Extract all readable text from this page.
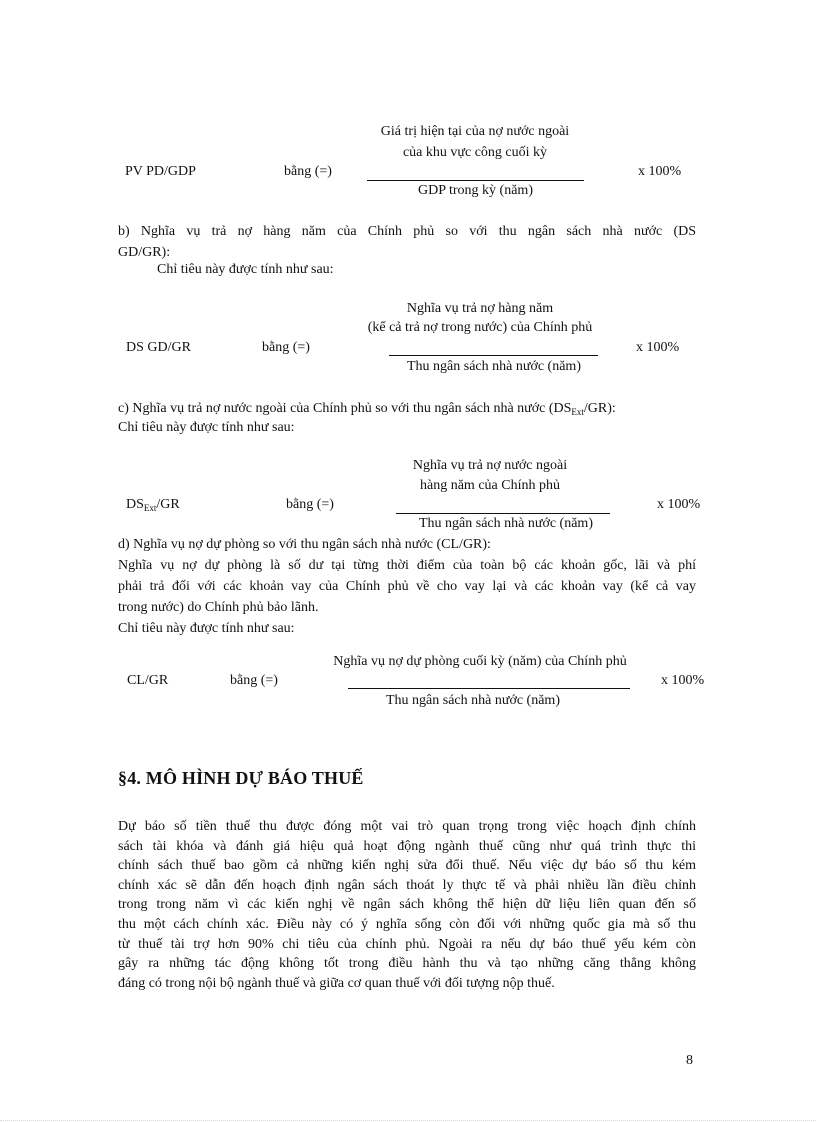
Giá trị hiện tại của nợ nước ngoài
của khu vực công cuối kỳ
PV PD/GDP	bằng (=)
GDP trong kỳ (năm)
x 100%
b) Nghĩa vụ trả nợ hàng năm của Chính phủ so với thu ngân sách nhà nước (DS
GD/GR):
Chỉ tiêu này được tính như sau:
Nghĩa vụ trả nợ hàng năm
(kể cả trả nợ trong nước) của Chính phủ
DS GD/GR	bằng (=)
Thu ngân sách nhà nước (năm)
x 100%
c) Nghĩa vụ trả nợ nước ngoài của Chính phủ so với thu ngân sách nhà nước $(DS_{Ext}/GR)$:
Chỉ tiêu này được tính như sau:
Nghĩa vụ trả nợ nước ngoài
hàng năm của Chính phủ
$DS_{Ext}/GR$	bằng (=)
Thu ngân sách nhà nước (năm)
x 100%
d) Nghĩa vụ nợ dự phòng so với thu ngân sách nhà nước (CL/GR):
Nghĩa vụ nợ dự phòng là số dư tại từng thời điểm của toàn bộ các khoản gốc, lãi và phí
phải trả đối với các khoản vay của Chính phủ về cho vay lại và các khoản vay (kể cả vay
trong nước) do Chính phủ bảo lãnh.
Chỉ tiêu này được tính như sau:
Nghĩa vụ nợ dự phòng cuối kỳ (năm) của Chính phủ
CL/GR	bằng (=)
Thu ngân sách nhà nước (năm)
x 100%
§4. MÔ HÌNH DỰ BÁO THUẾ
Dự báo số tiền thuế thu được đóng một vai trò quan trọng trong việc hoạch định chính
sách tài khóa và đánh giá hiệu quả hoạt động ngành thuế cũng như quá trình thực thi
chính sách thuế bao gồm cả những kiến nghị sửa đổi thuế. Nếu việc dự báo số thu kém
chính xác sẽ dẫn đến hoạch định ngân sách thoát ly thực tế và phải nhiều lần điều chỉnh
trong trong năm vì các kiến nghị về ngân sách không thể hiện dữ liệu liên quan đến số
thu một cách chính xác. Điều này có ý nghĩa sống còn đối với những quốc gia mà số thu
từ thuế tài trợ hơn 90% chi tiêu của chính phủ. Ngoài ra nếu dự báo thuế yếu kém còn
gây ra những tác động không tốt trong điều hành thu và tạo những căng thẳng không
đáng có trong nội bộ ngành thuế và giữa cơ quan thuế với đối tượng nộp thuế.
8
